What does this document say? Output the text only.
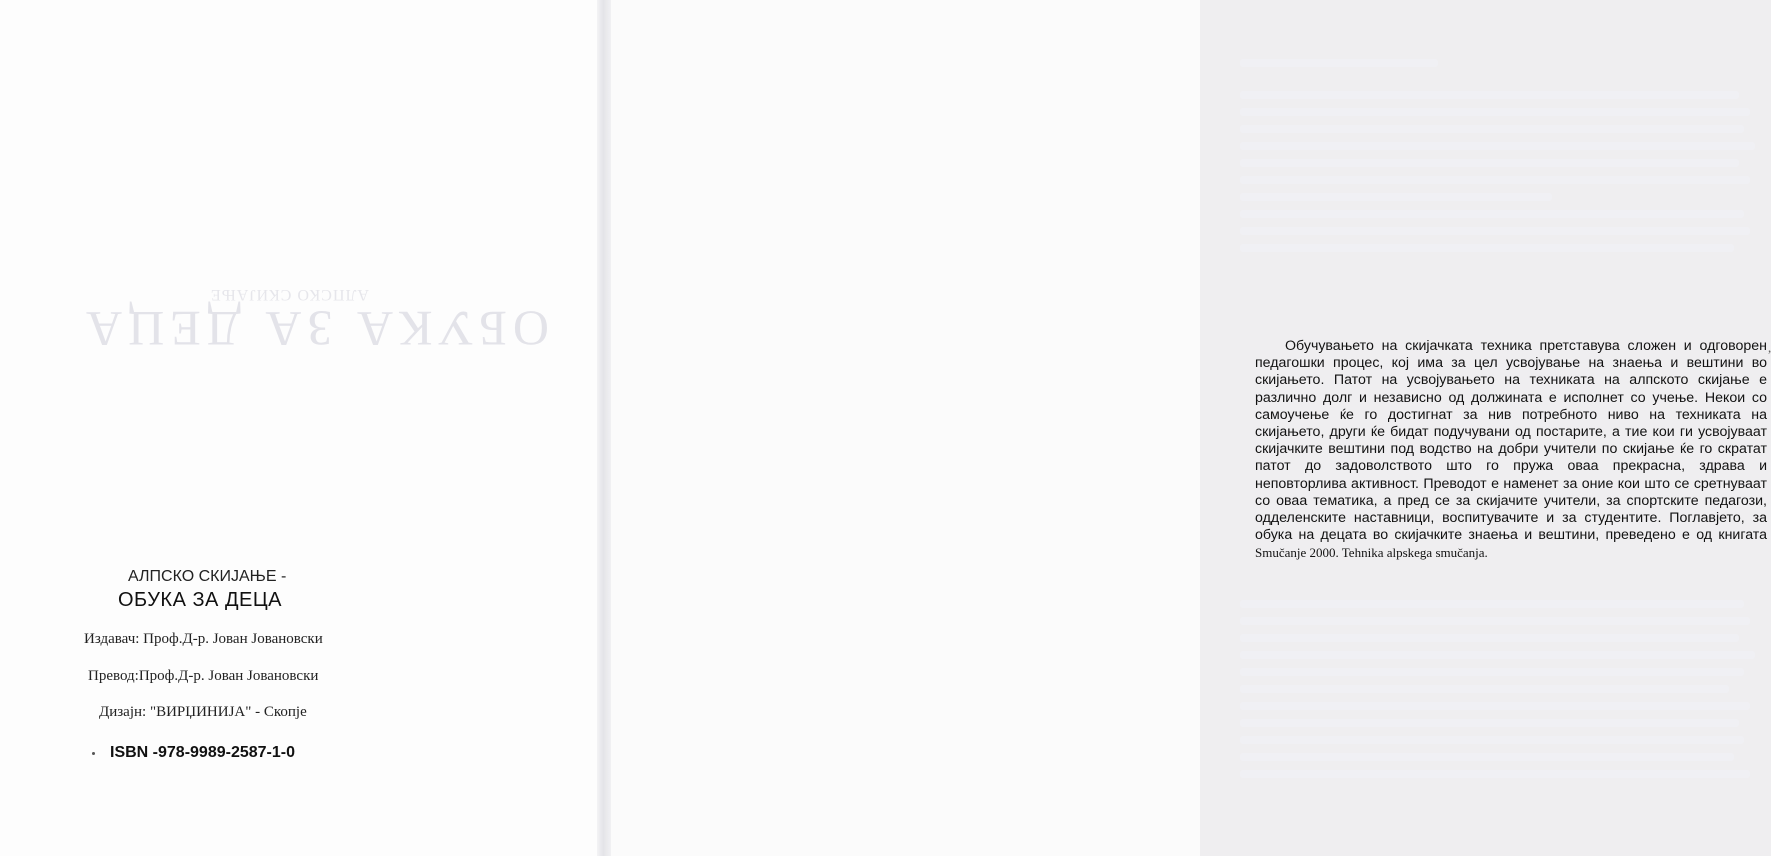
АЛПСКО СКИЈАЊЕ
ОБУКА ЗА ДЕЦА
АЛПСКО СКИЈАЊЕ -
ОБУКА ЗА ДЕЦА
Издавач: Проф.Д-р. Јован Јовановски
Превод:Проф.Д-р. Јован Јовановски
Дизајн: "ВИРЏИНИЈА" - Скопје
ISBN -978-9989-2587-1-0
Обучувањето на скијачката техника претставува сложен и одговорен педагошки процес, кој има за цел усвојување на знаења и вештини во скијањето. Патот на усвојувањето на техниката на алпското скијање е различно долг и независно од должината е исполнет со учење. Некои со самоучење ќе го достигнат за нив потребното ниво на техниката на скијањето, други ќе бидат подучувани од постарите, а тие кои ги усвојуваат скијачките вештини под водство на добри учители по скијање ќе го скратат патот до задоволството што го пружа оваа прекрасна, здрава и неповторлива активност. Преводот е наменет за оние кои што се сретнуваат со оваа тематика, а пред се за скијачите учители, за спортските педагози, одделенските наставници, воспитувачите и за студентите. Поглавјето, за обука на децата во скијачките знаења и вештини, преведено е од книгата Smučanje 2000. Tehnika alpskega smučanja.
,
